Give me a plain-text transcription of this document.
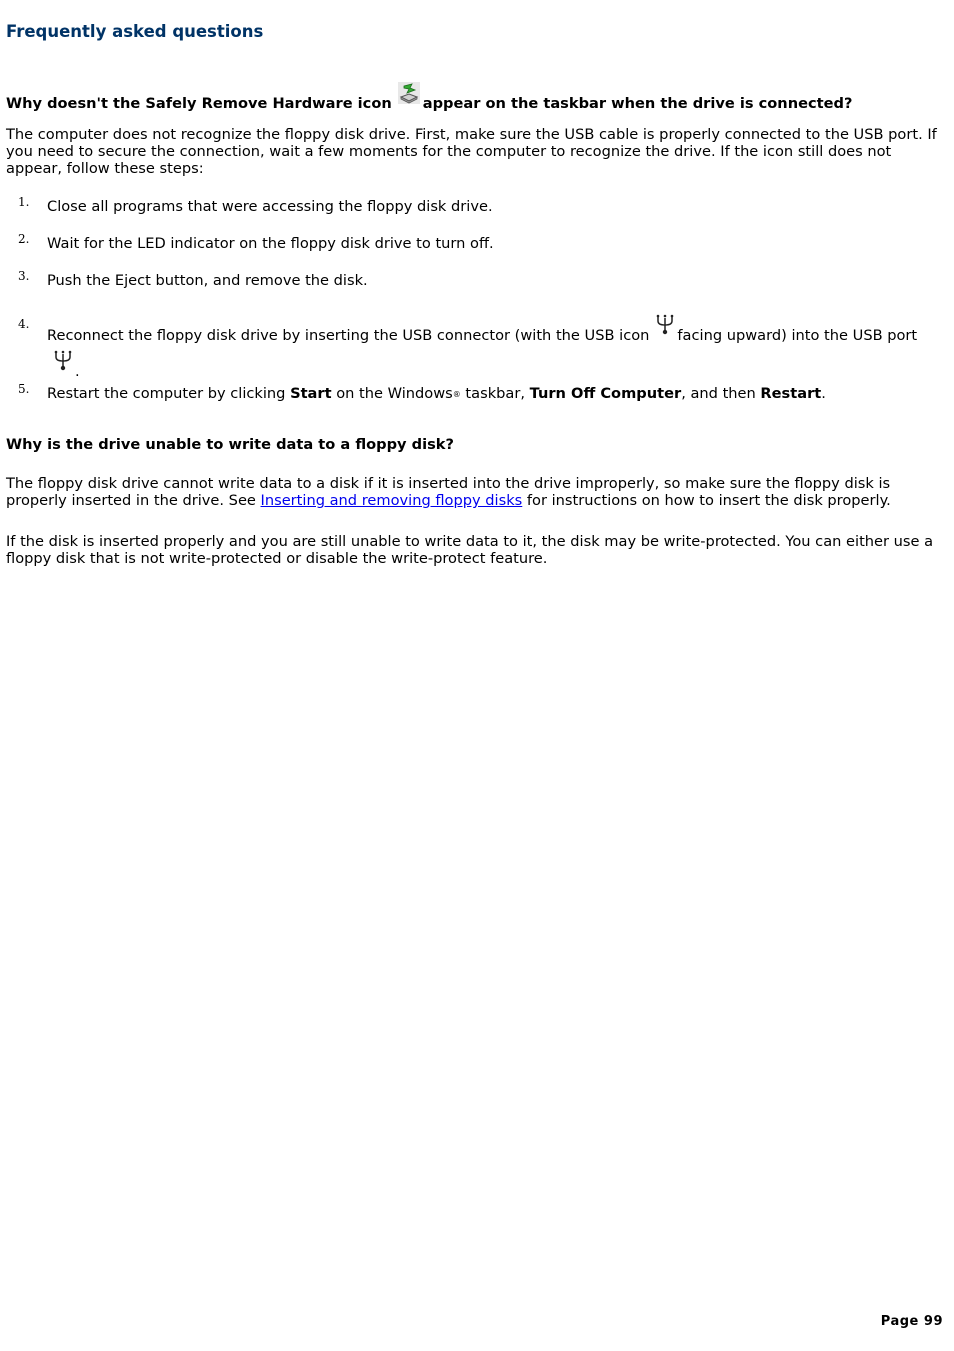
Frequently asked questions
Why doesn't the Safely Remove Hardware icon appear on the taskbar when the drive is connected?

The computer does not recognize the floppy disk drive. First, make sure the USB cable is properly connected to the USB port. If you need to secure the connection, wait a few moments for the computer to recognize the drive. If the icon still does not appear, follow these steps:

1. Close all programs that were accessing the floppy disk drive.
2. Wait for the LED indicator on the floppy disk drive to turn off.
3. Push the Eject button, and remove the disk.
4.
Reconnect the floppy disk drive by inserting the USB connector (with the USB icon facing upward) into the USB port.
5. Restart the computer by clicking Start on the Windows® taskbar, Turn Off Computer, and then Restart.
Why is the drive unable to write data to a floppy disk?

The floppy disk drive cannot write data to a disk if it is inserted into the drive improperly, so make sure the floppy disk is properly inserted in the drive. See Inserting and removing floppy disks for instructions on how to insert the disk properly.

If the disk is inserted properly and you are still unable to write data to it, the disk may be write-protected. You can either use a floppy disk that is not write-protected or disable the write-protect feature.

Page 99
